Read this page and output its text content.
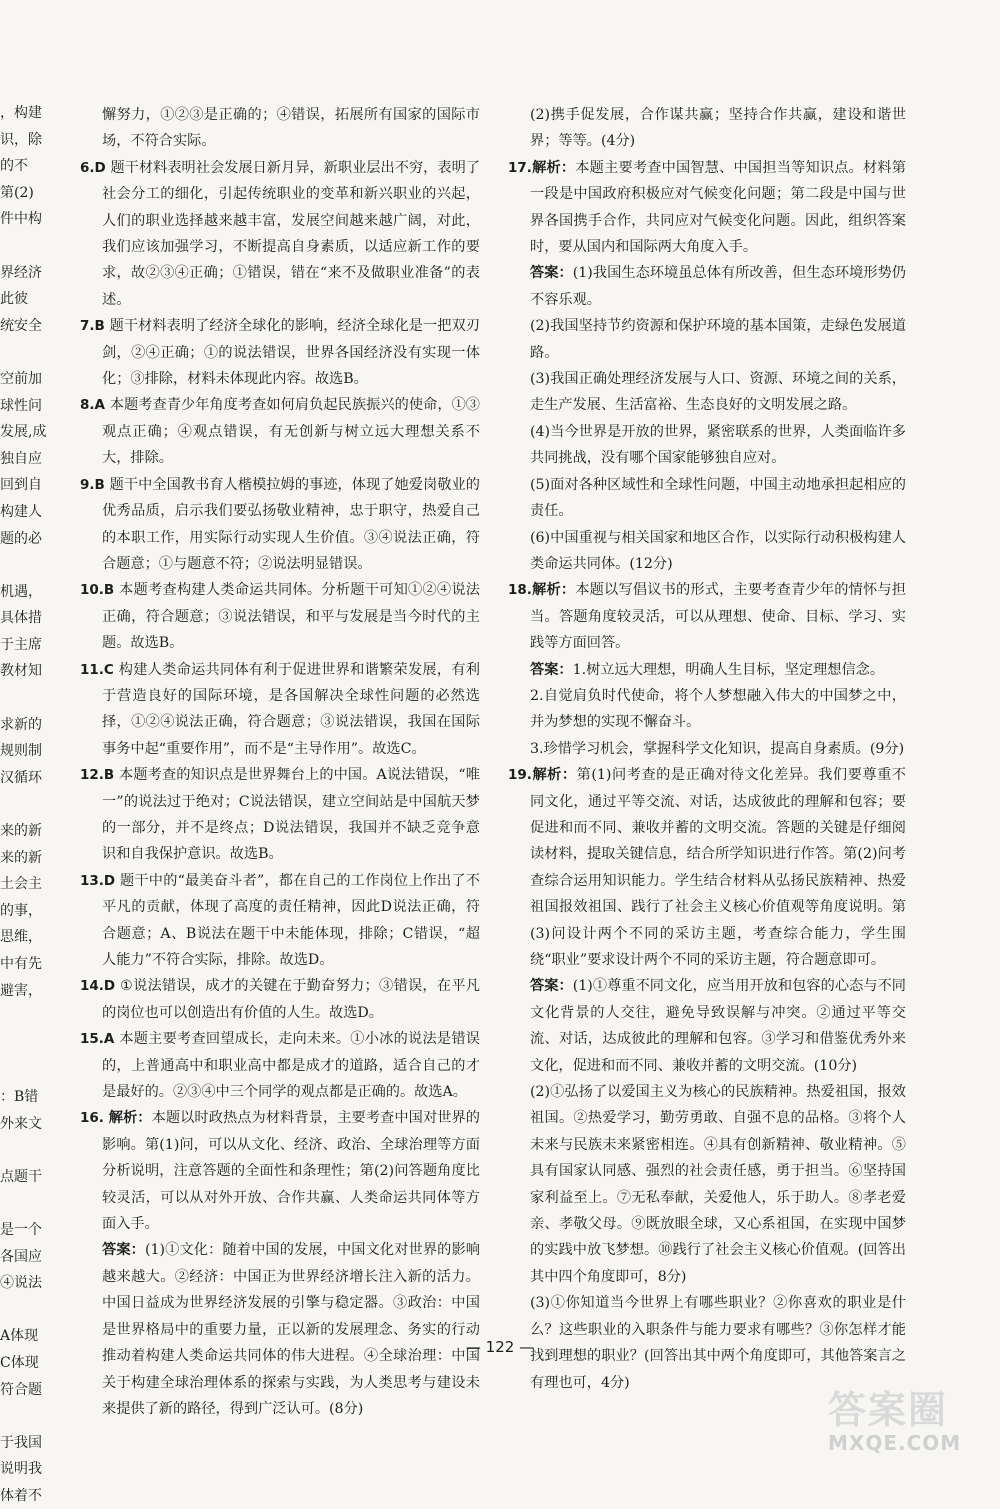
，构建
识，除
的不
第(2)
件中构
界经济
此彼
统安全
空前加
球性问
发展,成
独自应
回到自
构建人
题的必
机遇，
具体措
于主席
教材知
求新的
规则制
汉循环
来的新
来的新
土会主
的事，
思维，
中有先
避害，
：B错
外来文
点题干
是一个
各国应
④说法
A体现
C体现
符合题
于我国
说明我
体着不

懈努力，①②③是正确的；④错误，拓展所有国家的国际市场，不符合实际。

6.D 题干材料表明社会发展日新月异，新职业层出不穷，表明了社会分工的细化，引起传统职业的变革和新兴职业的兴起，人们的职业选择越来越丰富，发展空间越来越广阔，对此，我们应该加强学习，不断提高自身素质，以适应新工作的要求，故②③④正确；①错误，错在“来不及做职业准备”的表述。

7.B 题干材料表明了经济全球化的影响，经济全球化是一把双刃剑，②④正确；①的说法错误，世界各国经济没有实现一体化；③排除，材料未体现此内容。故选B。

8.A 本题考查青少年角度考查如何肩负起民族振兴的使命，①③观点正确；④观点错误，有无创新与树立远大理想关系不大，排除。

9.B 题干中全国教书育人楷模拉姆的事迹，体现了她爱岗敬业的优秀品质，启示我们要弘扬敬业精神，忠于职守，热爱自己的本职工作，用实际行动实现人生价值。③④说法正确，符合题意；①与题意不符；②说法明显错误。

10.B 本题考查构建人类命运共同体。分析题干可知①②④说法正确，符合题意；③说法错误，和平与发展是当今时代的主题。故选B。

11.C 构建人类命运共同体有利于促进世界和谐繁荣发展，有利于营造良好的国际环境，是各国解决全球性问题的必然选择，①②④说法正确，符合题意；③说法错误，我国在国际事务中起“重要作用”，而不是“主导作用”。故选C。

12.B 本题考查的知识点是世界舞台上的中国。A说法错误，“唯一”的说法过于绝对；C说法错误，建立空间站是中国航天梦的一部分，并不是终点；D说法错误，我国并不缺乏竞争意识和自我保护意识。故选B。

13.D 题干中的“最美奋斗者”，都在自己的工作岗位上作出了不平凡的贡献，体现了高度的责任精神，因此D说法正确，符合题意；A、B说法在题干中未能体现，排除；C错误，“超人能力”不符合实际，排除。故选D。

14.D ①说法错误，成才的关键在于勤奋努力；③错误，在平凡的岗位也可以创造出有价值的人生。故选D。

15.A 本题主要考查回望成长，走向未来。①小冰的说法是错误的，上普通高中和职业高中都是成才的道路，适合自己的才是最好的。②③④中三个同学的观点都是正确的。故选A。

16. 解析：本题以时政热点为材料背景，主要考查中国对世界的影响。第(1)问，可以从文化、经济、政治、全球治理等方面分析说明，注意答题的全面性和条理性；第(2)问答题角度比较灵活，可以从对外开放、合作共赢、人类命运共同体等方面入手。

答案：(1)①文化：随着中国的发展，中国文化对世界的影响越来越大。②经济：中国正为世界经济增长注入新的活力。中国日益成为世界经济发展的引擎与稳定器。③政治：中国是世界格局中的重要力量，正以新的发展理念、务实的行动推动着构建人类命运共同体的伟大进程。④全球治理：中国关于构建全球治理体系的探索与实践，为人类思考与建设未来提供了新的路径，得到广泛认可。(8分)

(2)携手促发展，合作谋共赢；坚持合作共赢，建设和谐世界；等等。(4分)

17.解析：本题主要考查中国智慧、中国担当等知识点。材料第一段是中国政府积极应对气候变化问题；第二段是中国与世界各国携手合作，共同应对气候变化问题。因此，组织答案时，要从国内和国际两大角度入手。

答案：(1)我国生态环境虽总体有所改善，但生态环境形势仍不容乐观。

(2)我国坚持节约资源和保护环境的基本国策，走绿色发展道路。

(3)我国正确处理经济发展与人口、资源、环境之间的关系，走生产发展、生活富裕、生态良好的文明发展之路。

(4)当今世界是开放的世界，紧密联系的世界，人类面临许多共同挑战，没有哪个国家能够独自应对。

(5)面对各种区域性和全球性问题，中国主动地承担起相应的责任。

(6)中国重视与相关国家和地区合作，以实际行动积极构建人类命运共同体。(12分)

18.解析：本题以写倡议书的形式，主要考查青少年的情怀与担当。答题角度较灵活，可以从理想、使命、目标、学习、实践等方面回答。

答案：1.树立远大理想，明确人生目标，坚定理想信念。

2.自觉肩负时代使命，将个人梦想融入伟大的中国梦之中，并为梦想的实现不懈奋斗。

3.珍惜学习机会，掌握科学文化知识，提高自身素质。(9分)

19.解析：第(1)问考查的是正确对待文化差异。我们要尊重不同文化，通过平等交流、对话，达成彼此的理解和包容；要促进和而不同、兼收并蓄的文明交流。答题的关键是仔细阅读材料，提取关键信息，结合所学知识进行作答。第(2)问考查综合运用知识能力。学生结合材料从弘扬民族精神、热爱祖国报效祖国、践行了社会主义核心价值观等角度说明。第(3)问设计两个不同的采访主题，考查综合能力，学生围绕“职业”要求设计两个不同的采访主题，符合题意即可。

答案：(1)①尊重不同文化，应当用开放和包容的心态与不同文化背景的人交往，避免导致误解与冲突。②通过平等交流、对话，达成彼此的理解和包容。③学习和借鉴优秀外来文化，促进和而不同、兼收并蓄的文明交流。(10分)

(2)①弘扬了以爱国主义为核心的民族精神。热爱祖国，报效祖国。②热爱学习，勤劳勇敢、自强不息的品格。③将个人未来与民族未来紧密相连。④具有创新精神、敬业精神。⑤具有国家认同感、强烈的社会责任感，勇于担当。⑥坚持国家利益至上。⑦无私奉献，关爱他人，乐于助人。⑧孝老爱亲、孝敬父母。⑨既放眼全球，又心系祖国，在实现中国梦的实践中放飞梦想。⑩践行了社会主义核心价值观。(回答出其中四个角度即可，8分)

(3)①你知道当今世界上有哪些职业？②你喜欢的职业是什么？这些职业的入职条件与能力要求有哪些？③你怎样才能找到理想的职业？(回答出其中两个角度即可，其他答案言之有理也可，4分)

— 122 —
答案圈
MXQE.COM
